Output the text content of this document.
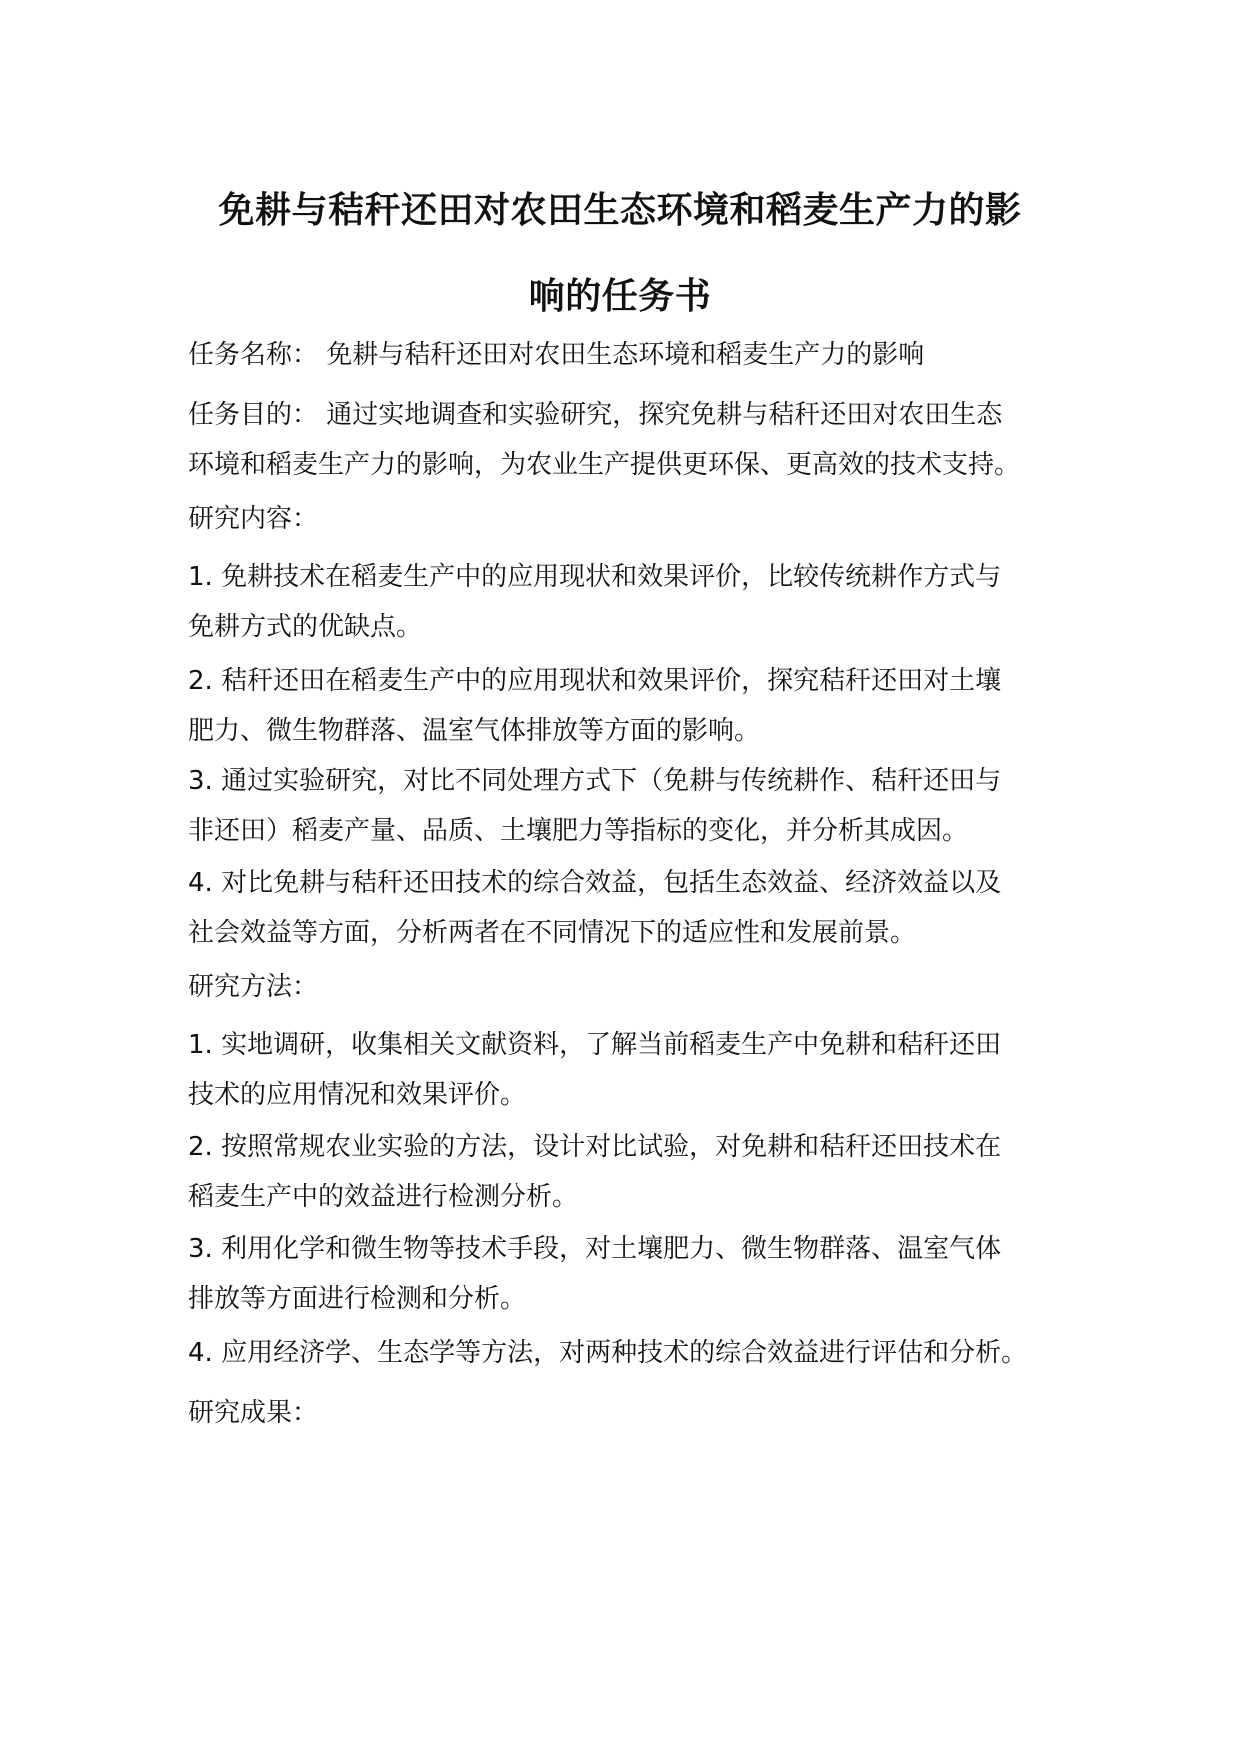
免耕与秸秆还田对农田生态环境和稻麦生产力的影
响的任务书
任务名称： 免耕与秸秆还田对农田生态环境和稻麦生产力的影响
任务目的： 通过实地调查和实验研究，探究免耕与秸秆还田对农田生态
环境和稻麦生产力的影响，为农业生产提供更环保、更高效的技术支持。
研究内容：
1. 免耕技术在稻麦生产中的应用现状和效果评价，比较传统耕作方式与
免耕方式的优缺点。
2. 秸秆还田在稻麦生产中的应用现状和效果评价，探究秸秆还田对土壤
肥力、微生物群落、温室气体排放等方面的影响。
3. 通过实验研究，对比不同处理方式下（免耕与传统耕作、秸秆还田与
非还田）稻麦产量、品质、土壤肥力等指标的变化，并分析其成因。
4. 对比免耕与秸秆还田技术的综合效益，包括生态效益、经济效益以及
社会效益等方面，分析两者在不同情况下的适应性和发展前景。
研究方法：
1. 实地调研，收集相关文献资料，了解当前稻麦生产中免耕和秸秆还田
技术的应用情况和效果评价。
2. 按照常规农业实验的方法，设计对比试验，对免耕和秸秆还田技术在
稻麦生产中的效益进行检测分析。
3. 利用化学和微生物等技术手段，对土壤肥力、微生物群落、温室气体
排放等方面进行检测和分析。
4. 应用经济学、生态学等方法，对两种技术的综合效益进行评估和分析。
研究成果：
